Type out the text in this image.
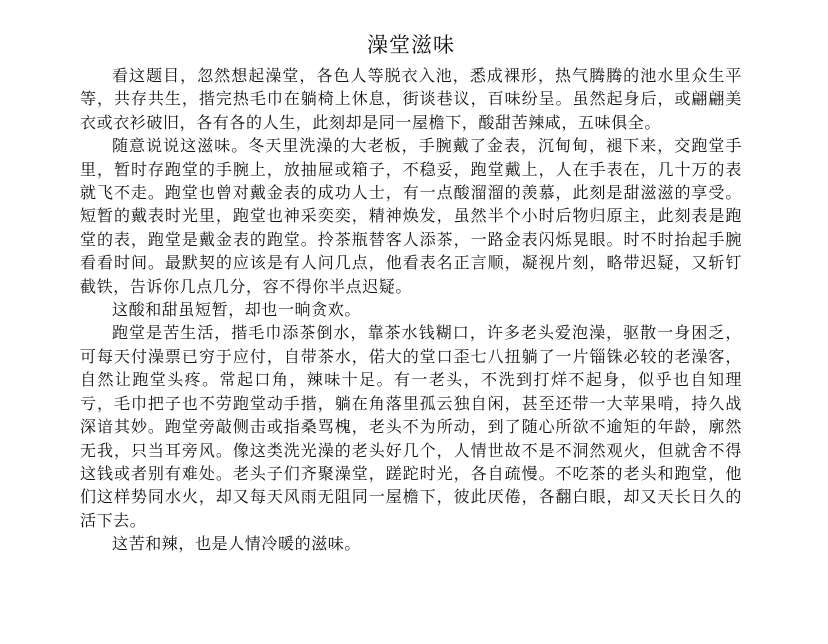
澡堂滋味

看这题目，忽然想起澡堂，各色人等脱衣入池，悉成裸形，热气腾腾的池水里众生平等，共存共生，揩完热毛巾在躺椅上休息，街谈巷议，百味纷呈。虽然起身后，或翩翩美衣或衣衫破旧，各有各的人生，此刻却是同一屋檐下，酸甜苦辣咸，五味俱全。

随意说说这滋味。冬天里洗澡的大老板，手腕戴了金表，沉甸甸，褪下来，交跑堂手里，暂时存跑堂的手腕上，放抽屉或箱子，不稳妥，跑堂戴上，人在手表在，几十万的表就飞不走。跑堂也曾对戴金表的成功人士，有一点酸溜溜的羡慕，此刻是甜滋滋的享受。短暂的戴表时光里，跑堂也神采奕奕，精神焕发，虽然半个小时后物归原主，此刻表是跑堂的表，跑堂是戴金表的跑堂。拎茶瓶替客人添茶，一路金表闪烁晃眼。时不时抬起手腕看看时间。最默契的应该是有人问几点，他看表名正言顺，凝视片刻，略带迟疑，又斩钉截铁，告诉你几点几分，容不得你半点迟疑。

这酸和甜虽短暂，却也一晌贪欢。

跑堂是苦生活，揩毛巾添茶倒水，靠茶水钱糊口，许多老头爱泡澡，驱散一身困乏，可每天付澡票已穷于应付，自带茶水，偌大的堂口歪七八扭躺了一片锱铢必较的老澡客，自然让跑堂头疼。常起口角，辣味十足。有一老头，不洗到打烊不起身，似乎也自知理亏，毛巾把子也不劳跑堂动手揩，躺在角落里孤云独自闲，甚至还带一大苹果啃，持久战深谙其妙。跑堂旁敲侧击或指桑骂槐，老头不为所动，到了随心所欲不逾矩的年龄，廓然无我，只当耳旁风。像这类洗光澡的老头好几个，人情世故不是不洞然观火，但就舍不得这钱或者别有难处。老头子们齐聚澡堂，蹉跎时光，各自疏慢。不吃茶的老头和跑堂，他们这样势同水火，却又每天风雨无阻同一屋檐下，彼此厌倦，各翻白眼，却又天长日久的活下去。

这苦和辣，也是人情冷暖的滋味。
